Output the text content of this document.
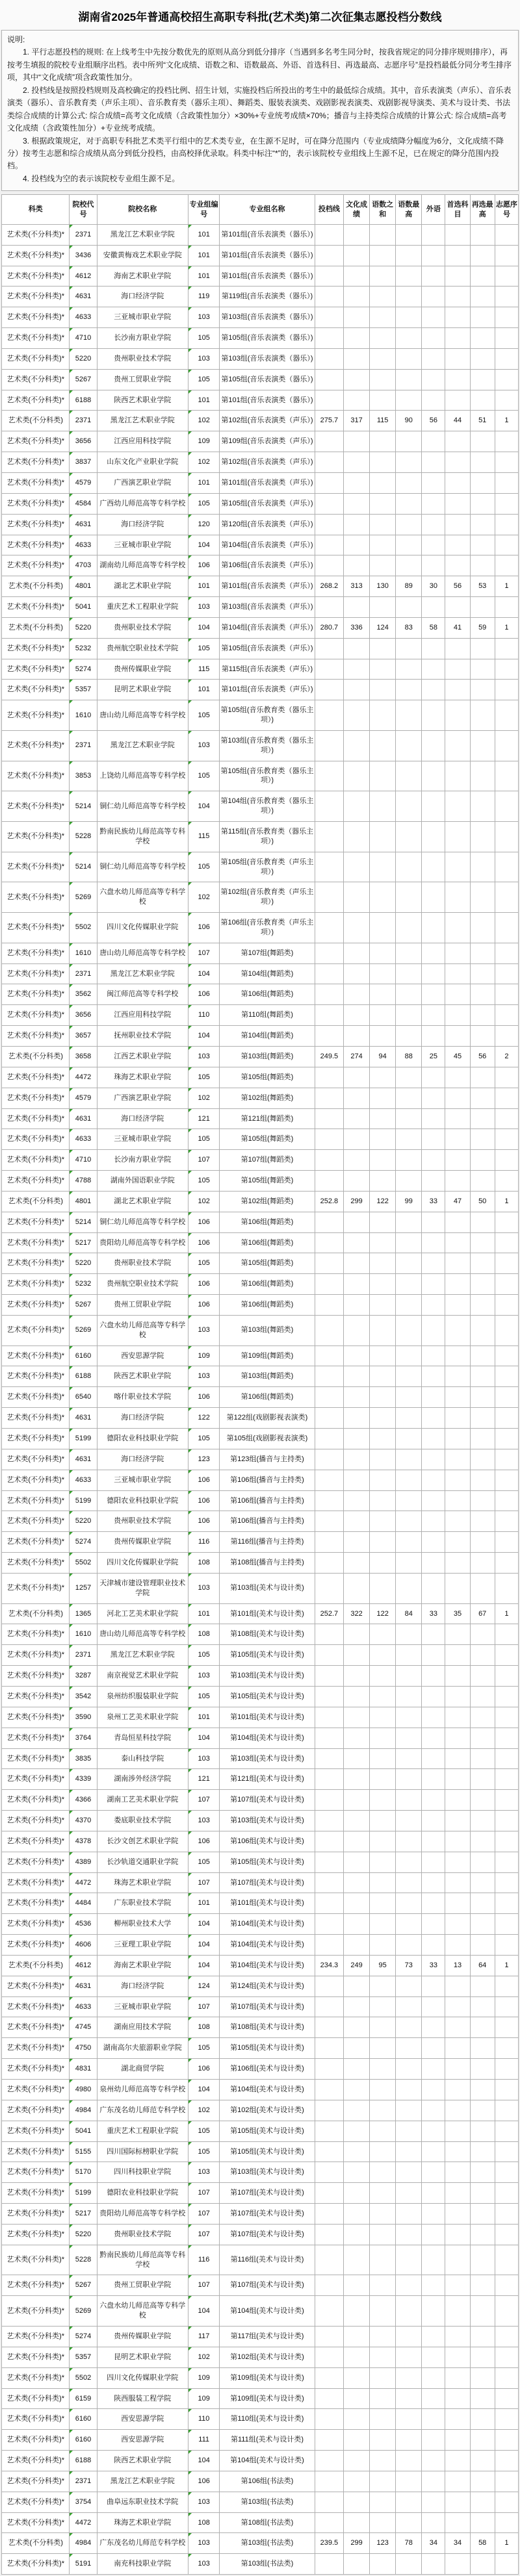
湖南省2025年普通高校招生高职专科批(艺术类)第二次征集志愿投档分数线

说明:

1. 平行志愿投档的规则: 在上线考生中先按分数优先的原则从高分到低分排序（当遇到多名考生同分时，按我省规定的同分排序规则排序），再按考生填报的院校专业组顺序出档。表中所列“文化成绩、语数之和、语数最高、外语、首选科目、再选最高、志愿序号”是投档最低分同分考生排序项，其中“文化成绩”项含政策性加分。

2. 投档线是按照投档规则及高校确定的投档比例、招生计划，实施投档后所投出的考生中的最低综合成绩。其中，音乐表演类（声乐）、音乐表演类（器乐）、音乐教育类（声乐主项）、音乐教育类（器乐主项）、舞蹈类、服装表演类、戏剧影视表演类、戏剧影视导演类、美术与设计类、书法类综合成绩的计算公式: 综合成绩=高考文化成绩（含政策性加分）×30%+专业统考成绩×70%；播音与主持类综合成绩的计算公式: 综合成绩=高考文化成绩（含政策性加分）+专业统考成绩。

3. 根据政策规定，对于高职专科批艺术类平行组中的艺术类专业，在生源不足时，可在降分范围内（专业成绩降分幅度为6分，文化成绩不降分）按考生志愿和综合成绩从高分到低分投档，由高校择优录取。科类中标注“*”的，表示该院校专业组线上生源不足，已在规定的降分范围内投档。

4. 投档线为空的表示该院校专业组生源不足。

科类	院校代号	院校名称	专业组编号	专业组名称	投档线	文化成绩	语数之和	语数最高	外语	首选科目	再选最高	志愿序号
艺术类(不分科类)*	2371	黑龙江艺术职业学院	101	第101组(音乐表演类（器乐）)								
艺术类(不分科类)*	3436	安徽黄梅戏艺术职业学院	101	第101组(音乐表演类（器乐）)								
艺术类(不分科类)*	4612	海南艺术职业学院	101	第101组(音乐表演类（器乐）)								
艺术类(不分科类)*	4631	海口经济学院	119	第119组(音乐表演类（器乐）)								
艺术类(不分科类)*	4633	三亚城市职业学院	103	第103组(音乐表演类（器乐）)								
艺术类(不分科类)*	4710	长沙南方职业学院	105	第105组(音乐表演类（器乐）)								
艺术类(不分科类)*	5220	贵州职业技术学院	103	第103组(音乐表演类（器乐）)								
艺术类(不分科类)*	5267	贵州工贸职业学院	105	第105组(音乐表演类（器乐）)								
艺术类(不分科类)*	6188	陕西艺术职业学院	101	第101组(音乐表演类（器乐）)								
艺术类(不分科类)	2371	黑龙江艺术职业学院	102	第102组(音乐表演类（声乐）)	275.7	317	115	90	56	44	51	1
艺术类(不分科类)*	3656	江西应用科技学院	109	第109组(音乐表演类（声乐）)								
艺术类(不分科类)*	3837	山东文化产业职业学院	102	第102组(音乐表演类（声乐）)								
艺术类(不分科类)*	4579	广西演艺职业学院	101	第101组(音乐表演类（声乐）)								
艺术类(不分科类)*	4584	广西幼儿师范高等专科学校	105	第105组(音乐表演类（声乐）)								
艺术类(不分科类)*	4631	海口经济学院	120	第120组(音乐表演类（声乐）)								
艺术类(不分科类)*	4633	三亚城市职业学院	104	第104组(音乐表演类（声乐）)								
艺术类(不分科类)*	4703	湖南幼儿师范高等专科学校	106	第106组(音乐表演类（声乐）)								
艺术类(不分科类)	4801	湖北艺术职业学院	101	第101组(音乐表演类（声乐）)	268.2	313	130	89	30	56	53	1
艺术类(不分科类)*	5041	重庆艺术工程职业学院	103	第103组(音乐表演类（声乐）)								
艺术类(不分科类)	5220	贵州职业技术学院	104	第104组(音乐表演类（声乐）)	280.7	336	124	83	58	41	59	1
艺术类(不分科类)*	5232	贵州航空职业技术学院	105	第105组(音乐表演类（声乐）)								
艺术类(不分科类)*	5274	贵州传媒职业学院	115	第115组(音乐表演类（声乐）)								
艺术类(不分科类)*	5357	昆明艺术职业学院	101	第101组(音乐表演类（声乐）)								
艺术类(不分科类)*	1610	唐山幼儿师范高等专科学校	105	第105组(音乐教育类（器乐主项）)								
艺术类(不分科类)*	2371	黑龙江艺术职业学院	103	第103组(音乐教育类（器乐主项）)								
艺术类(不分科类)*	3853	上饶幼儿师范高等专科学校	105	第105组(音乐教育类（器乐主项）)								
艺术类(不分科类)*	5214	铜仁幼儿师范高等专科学校	104	第104组(音乐教育类（器乐主项）)								
艺术类(不分科类)*	5228	黔南民族幼儿师范高等专科学校	115	第115组(音乐教育类（器乐主项）)								
艺术类(不分科类)*	5214	铜仁幼儿师范高等专科学校	105	第105组(音乐教育类（声乐主项）)								
艺术类(不分科类)*	5269	六盘水幼儿师范高等专科学校	102	第102组(音乐教育类（声乐主项）)								
艺术类(不分科类)*	5502	四川文化传媒职业学院	106	第106组(音乐教育类（声乐主项）)								
艺术类(不分科类)*	1610	唐山幼儿师范高等专科学校	107	第107组(舞蹈类)								
艺术类(不分科类)*	2371	黑龙江艺术职业学院	104	第104组(舞蹈类)								
艺术类(不分科类)*	3562	闽江师范高等专科学校	106	第106组(舞蹈类)								
艺术类(不分科类)*	3656	江西应用科技学院	110	第110组(舞蹈类)								
艺术类(不分科类)*	3657	抚州职业技术学院	104	第104组(舞蹈类)								
艺术类(不分科类)	3658	江西艺术职业学院	103	第103组(舞蹈类)	249.5	274	94	88	25	45	56	2
艺术类(不分科类)*	4472	珠海艺术职业学院	105	第105组(舞蹈类)								
艺术类(不分科类)*	4579	广西演艺职业学院	102	第102组(舞蹈类)								
艺术类(不分科类)*	4631	海口经济学院	121	第121组(舞蹈类)								
艺术类(不分科类)*	4633	三亚城市职业学院	105	第105组(舞蹈类)								
艺术类(不分科类)*	4710	长沙南方职业学院	107	第107组(舞蹈类)								
艺术类(不分科类)*	4788	湖南外国语职业学院	105	第105组(舞蹈类)								
艺术类(不分科类)	4801	湖北艺术职业学院	102	第102组(舞蹈类)	252.8	299	122	99	33	47	50	1
艺术类(不分科类)*	5214	铜仁幼儿师范高等专科学校	106	第106组(舞蹈类)								
艺术类(不分科类)*	5217	贵阳幼儿师范高等专科学校	106	第106组(舞蹈类)								
艺术类(不分科类)*	5220	贵州职业技术学院	105	第105组(舞蹈类)								
艺术类(不分科类)*	5232	贵州航空职业技术学院	106	第106组(舞蹈类)								
艺术类(不分科类)*	5267	贵州工贸职业学院	106	第106组(舞蹈类)								
艺术类(不分科类)*	5269	六盘水幼儿师范高等专科学校	103	第103组(舞蹈类)								
艺术类(不分科类)*	6160	西安思源学院	109	第109组(舞蹈类)								
艺术类(不分科类)*	6188	陕西艺术职业学院	103	第103组(舞蹈类)								
艺术类(不分科类)*	6540	喀什职业技术学院	106	第106组(舞蹈类)								
艺术类(不分科类)*	4631	海口经济学院	122	第122组(戏剧影视表演类)								
艺术类(不分科类)*	5199	德阳农业科技职业学院	105	第105组(戏剧影视表演类)								
艺术类(不分科类)*	4631	海口经济学院	123	第123组(播音与主持类)								
艺术类(不分科类)*	4633	三亚城市职业学院	106	第106组(播音与主持类)								
艺术类(不分科类)*	5199	德阳农业科技职业学院	106	第106组(播音与主持类)								
艺术类(不分科类)*	5220	贵州职业技术学院	106	第106组(播音与主持类)								
艺术类(不分科类)*	5274	贵州传媒职业学院	116	第116组(播音与主持类)								
艺术类(不分科类)*	5502	四川文化传媒职业学院	108	第108组(播音与主持类)								
艺术类(不分科类)*	1257	天津城市建设管理职业技术学院	103	第103组(美术与设计类)								
艺术类(不分科类)	1365	河北工艺美术职业学院	101	第101组(美术与设计类)	252.7	322	122	84	33	35	67	1
艺术类(不分科类)*	1610	唐山幼儿师范高等专科学校	108	第108组(美术与设计类)								
艺术类(不分科类)*	2371	黑龙江艺术职业学院	105	第105组(美术与设计类)								
艺术类(不分科类)*	3287	南京视觉艺术职业学院	103	第103组(美术与设计类)								
艺术类(不分科类)*	3542	泉州纺织服装职业学院	105	第105组(美术与设计类)								
艺术类(不分科类)*	3590	泉州工艺美术职业学院	101	第101组(美术与设计类)								
艺术类(不分科类)*	3764	青岛恒星科技学院	104	第104组(美术与设计类)								
艺术类(不分科类)*	3835	泰山科技学院	103	第103组(美术与设计类)								
艺术类(不分科类)*	4339	湖南涉外经济学院	121	第121组(美术与设计类)								
艺术类(不分科类)*	4366	湖南工艺美术职业学院	107	第107组(美术与设计类)								
艺术类(不分科类)*	4370	娄底职业技术学院	103	第103组(美术与设计类)								
艺术类(不分科类)*	4378	长沙文创艺术职业学院	106	第106组(美术与设计类)								
艺术类(不分科类)*	4389	长沙轨道交通职业学院	105	第105组(美术与设计类)								
艺术类(不分科类)*	4472	珠海艺术职业学院	107	第107组(美术与设计类)								
艺术类(不分科类)*	4484	广东职业技术学院	101	第101组(美术与设计类)								
艺术类(不分科类)*	4536	柳州职业技术大学	104	第104组(美术与设计类)								
艺术类(不分科类)*	4606	三亚理工职业学院	104	第104组(美术与设计类)								
艺术类(不分科类)	4612	海南艺术职业学院	104	第104组(美术与设计类)	234.3	249	95	73	33	13	64	1
艺术类(不分科类)*	4631	海口经济学院	124	第124组(美术与设计类)								
艺术类(不分科类)*	4633	三亚城市职业学院	107	第107组(美术与设计类)								
艺术类(不分科类)*	4745	湖南应用技术学院	108	第108组(美术与设计类)								
艺术类(不分科类)*	4750	湖南高尔夫旅游职业学院	105	第105组(美术与设计类)								
艺术类(不分科类)*	4831	湖北商贸学院	106	第106组(美术与设计类)								
艺术类(不分科类)*	4980	泉州幼儿师范高等专科学校	104	第104组(美术与设计类)								
艺术类(不分科类)*	4984	广东茂名幼儿师范专科学校	102	第102组(美术与设计类)								
艺术类(不分科类)*	5041	重庆艺术工程职业学院	105	第105组(美术与设计类)								
艺术类(不分科类)*	5155	四川国际标榜职业学院	105	第105组(美术与设计类)								
艺术类(不分科类)*	5170	四川科技职业学院	103	第103组(美术与设计类)								
艺术类(不分科类)*	5199	德阳农业科技职业学院	107	第107组(美术与设计类)								
艺术类(不分科类)*	5217	贵阳幼儿师范高等专科学校	107	第107组(美术与设计类)								
艺术类(不分科类)*	5220	贵州职业技术学院	107	第107组(美术与设计类)								
艺术类(不分科类)*	5228	黔南民族幼儿师范高等专科学校	116	第116组(美术与设计类)								
艺术类(不分科类)*	5267	贵州工贸职业学院	107	第107组(美术与设计类)								
艺术类(不分科类)*	5269	六盘水幼儿师范高等专科学校	104	第104组(美术与设计类)								
艺术类(不分科类)*	5274	贵州传媒职业学院	117	第117组(美术与设计类)								
艺术类(不分科类)*	5357	昆明艺术职业学院	102	第102组(美术与设计类)								
艺术类(不分科类)*	5502	四川文化传媒职业学院	109	第109组(美术与设计类)								
艺术类(不分科类)*	6159	陕西服装工程学院	109	第109组(美术与设计类)								
艺术类(不分科类)*	6160	西安思源学院	110	第110组(美术与设计类)								
艺术类(不分科类)*	6160	西安思源学院	111	第111组(美术与设计类)								
艺术类(不分科类)*	6188	陕西艺术职业学院	104	第104组(美术与设计类)								
艺术类(不分科类)*	2371	黑龙江艺术职业学院	106	第106组(书法类)								
艺术类(不分科类)*	3754	曲阜远东职业技术学院	103	第103组(书法类)								
艺术类(不分科类)*	4472	珠海艺术职业学院	108	第108组(书法类)								
艺术类(不分科类)	4984	广东茂名幼儿师范专科学校	103	第103组(书法类)	239.5	299	123	78	34	34	58	1
艺术类(不分科类)*	5191	南充科技职业学院	103	第103组(书法类)								
